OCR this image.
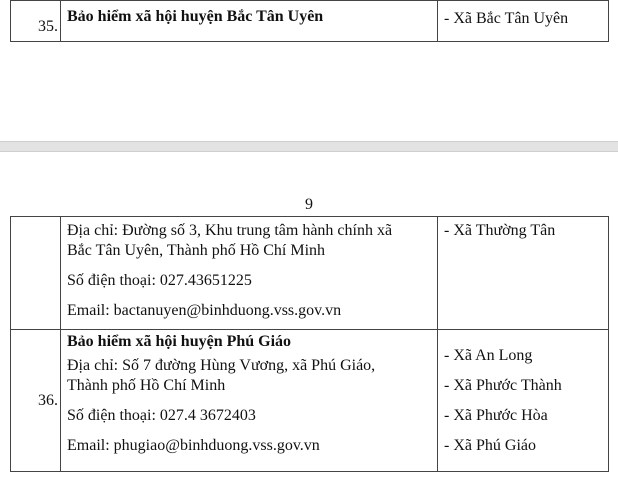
35.	Bảo hiểm xã hội huyện Bắc Tân Uyên	- Xã Bắc Tân Uyên
9

	Địa chỉ: Đường số 3, Khu trung tâm hành chính xã
Bắc Tân Uyên, Thành phố Hồ Chí Minh
Số điện thoại: 027.43651225
Email: bactanuyen@binhduong.vss.gov.vn	- Xã Thường Tân
36.	Bảo hiểm xã hội huyện Phú Giáo
Địa chỉ: Số 7 đường Hùng Vương, xã Phú Giáo,
Thành phố Hồ Chí Minh
Số điện thoại: 027.4 3672403
Email: phugiao@binhduong.vss.gov.vn	- Xã An Long
- Xã Phước Thành
- Xã Phước Hòa
- Xã Phú Giáo
